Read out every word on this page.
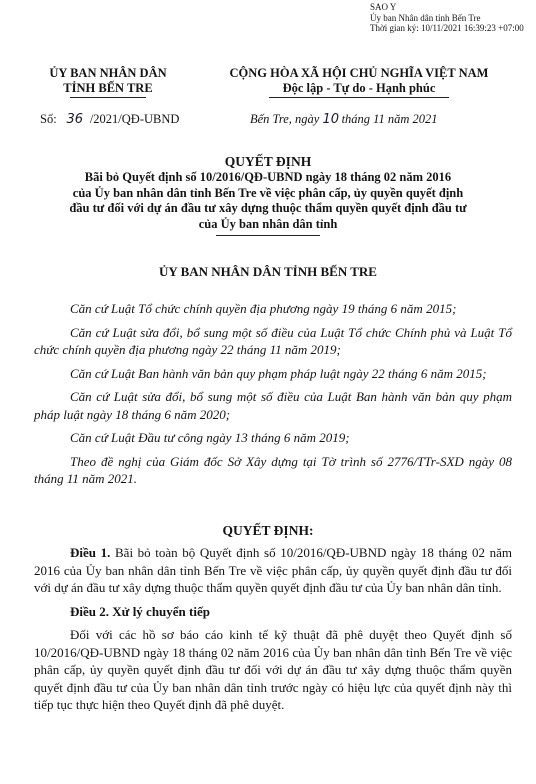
SAO Y
Ủy ban Nhân dân tỉnh Bến Tre
Thời gian ký: 10/11/2021 16:39:23 +07:00
ỦY BAN NHÂN DÂN
TỈNH BẾN TRE
CỘNG HÒA XÃ HỘI CHỦ NGHĨA VIỆT NAM
Độc lập - Tự do - Hạnh phúc
Số: 36 /2021/QĐ-UBND	Bến Tre, ngày 10 tháng 11 năm 2021
QUYẾT ĐỊNH
Bãi bỏ Quyết định số 10/2016/QĐ-UBND ngày 18 tháng 02 năm 2016
của Ủy ban nhân dân tỉnh Bến Tre về việc phân cấp, ủy quyền quyết định
đầu tư đối với dự án đầu tư xây dựng thuộc thẩm quyền quyết định đầu tư
của Ủy ban nhân dân tỉnh
ỦY BAN NHÂN DÂN TỈNH BẾN TRE

Căn cứ Luật Tổ chức chính quyền địa phương ngày 19 tháng 6 năm 2015;

Căn cứ Luật sửa đổi, bổ sung một số điều của Luật Tổ chức Chính phủ và Luật Tổ chức chính quyền địa phương ngày 22 tháng 11 năm 2019;

Căn cứ Luật Ban hành văn bản quy phạm pháp luật ngày 22 tháng 6 năm 2015;

Căn cứ Luật sửa đổi, bổ sung một số điều của Luật Ban hành văn bản quy phạm pháp luật ngày 18 tháng 6 năm 2020;

Căn cứ Luật Đầu tư công ngày 13 tháng 6 năm 2019;

Theo đề nghị của Giám đốc Sở Xây dựng tại Tờ trình số 2776/TTr-SXD ngày 08 tháng 11 năm 2021.

QUYẾT ĐỊNH:

Điều 1. Bãi bỏ toàn bộ Quyết định số 10/2016/QĐ-UBND ngày 18 tháng 02 năm 2016 của Ủy ban nhân dân tỉnh Bến Tre về việc phân cấp, ủy quyền quyết định đầu tư đối với dự án đầu tư xây dựng thuộc thẩm quyền quyết định đầu tư của Ủy ban nhân dân tỉnh.

Điều 2. Xử lý chuyển tiếp

Đối với các hồ sơ báo cáo kinh tế kỹ thuật đã phê duyệt theo Quyết định số 10/2016/QĐ-UBND ngày 18 tháng 02 năm 2016 của Ủy ban nhân dân tỉnh Bến Tre về việc phân cấp, ủy quyền quyết định đầu tư đối với dự án đầu tư xây dựng thuộc thẩm quyền quyết định đầu tư của Ủy ban nhân dân tỉnh trước ngày có hiệu lực của quyết định này thì tiếp tục thực hiện theo Quyết định đã phê duyệt.
